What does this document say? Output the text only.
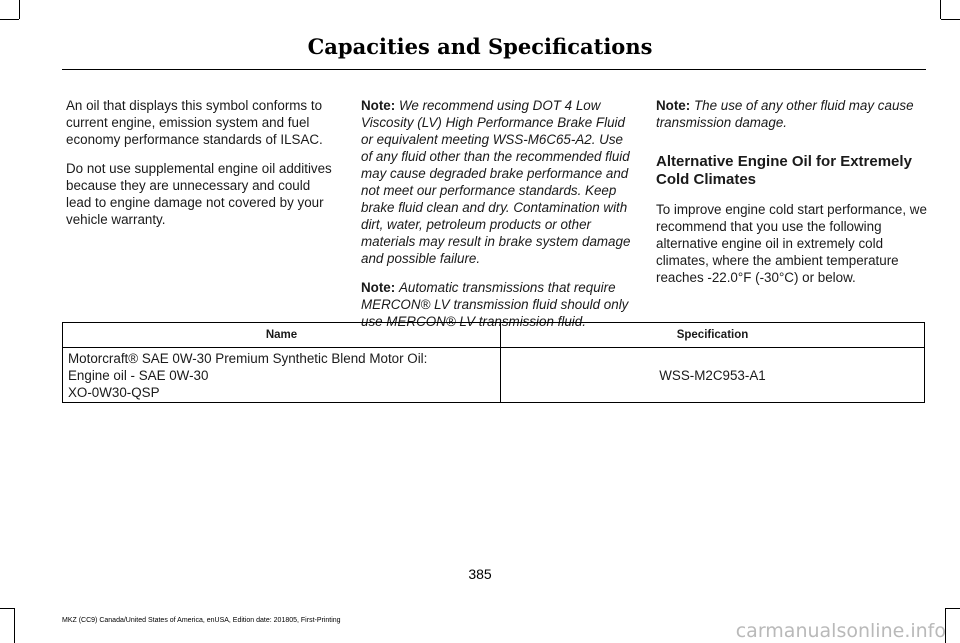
Capacities and Specifications

An oil that displays this symbol conforms to current engine, emission system and fuel economy performance standards of ILSAC.

Do not use supplemental engine oil additives because they are unnecessary and could lead to engine damage not covered by your vehicle warranty.

Note: We recommend using DOT 4 Low Viscosity (LV) High Performance Brake Fluid or equivalent meeting WSS-M6C65-A2. Use of any fluid other than the recommended fluid may cause degraded brake performance and not meet our performance standards. Keep brake fluid clean and dry. Contamination with dirt, water, petroleum products or other materials may result in brake system damage and possible failure.

Note: Automatic transmissions that require MERCON® LV transmission fluid should only use MERCON® LV transmission fluid.

Note: The use of any other fluid may cause transmission damage.

Alternative Engine Oil for Extremely Cold Climates

To improve engine cold start performance, we recommend that you use the following alternative engine oil in extremely cold climates, where the ambient temperature reaches -22.0°F (-30°C) or below.

Name	Specification

Motorcraft® SAE 0W-30 Premium Synthetic Blend Motor Oil:
Engine oil - SAE 0W-30
XO-0W30-QSP	WSS-M2C953-A1
385
MKZ (CC9) Canada/United States of America, enUSA, Edition date: 201805, First-Printing	carmanualsonline.info
